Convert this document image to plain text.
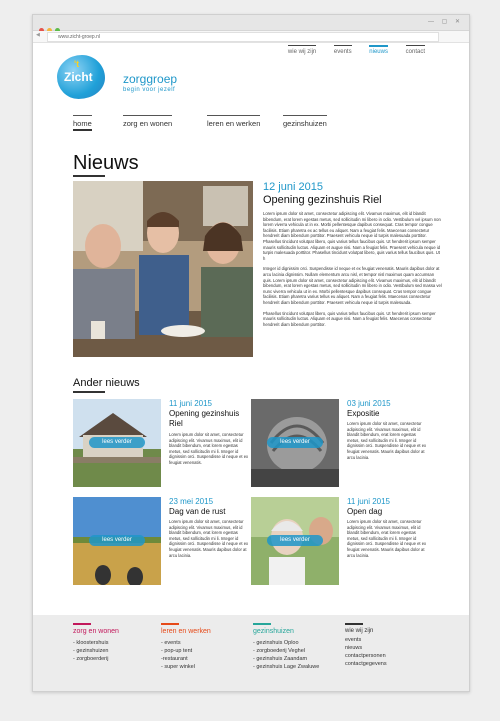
— ▢ ✕
◀	www.zicht-groep.nl
wie wij zijn	events	nieuws	contact
't
Zicht	zorggroep
begin voor jezelf
home	zorg en wonen	leren en werken	gezinshuizen
Nieuws
12 juni 2015
Opening gezinshuis Riel

Lorem ipsum dolor sit amet, consectetur adipiscing elit. Vivamus maximus, elit id blandit bibendum, erat lorem egestas metus, sed sollicitudin mi libero in odio. Vestibulum vel ipsum non lorem viverra vehicula ut in ex. Morbi pellentesque dapibus consequat. Cras tempor congue facilisis. Etiam pharetra ex ac tellus eu aliquet. Nam a feugiat felis. Maecenas consectetur hendrerit diam bibendum porttitor. Praesent vehicula neque id turpis malesuada porttitor. Phasellus tincidunt volutpat libero, quis varius tellus faucibus quis. Ut hendrerit ipsum semper mauris sollicitudin luctus. Aliquam et augue nisi. Nam a feugiat felis. Praesent vehicula neque id turpis malesuada porttitor. Phasellus tincidunt volutpat libero, quis varius tellus faucibus quis. Ut h

Integer id dignissim orci. Suspendisse id neque et ex feugiat venenatis. Mauris dapibus dolor at arcu lacinia dignissim. Nullam elementum arcu nisl, et tempor nisl maximus quam accumsan quis. Lorem ipsum dolor sit amet, consectetur adipiscing elit. Vivamus maximus, elit id blandit bibendum, erat lorem egestas metus, sed sollicitudin mi libero in odio. Vestibulum sed massa vel nunc viverra vehicula ut in ex. Morbi pellentesque dapibus consequat. Cras tempor congue facilisis. Etiam pharetra varius tellus eu aliquet. Nam a feugiat felis. Maecenas consectetur hendrerit diam bibendum porttitor. Praesent vehicula neque id turpis malesuada.

Phasellus tincidunt volutpat libero, quis varius tellus faucibus quis. Ut hendrerit ipsum semper mauris sollicitudin luctus. Aliquam et augue nisi. Nam a feugiat felis. Maecenas consectetur hendrerit diam bibendum porttitor.

Ander nieuws
lees verder
11 juni 2015
Opening gezinshuis Riel
Lorem ipsum dolor sit amet, consectetur adipiscing elit. Vivamus maximus, elit id blandit bibendum, erat lorem egestas metus, sed sollicitudin mi li. Integer id dignissim orci. Suspendisse id neque et ex feugiat venenatis.
lees verder
03 juni 2015
Expositie
Lorem ipsum dolor sit amet, consectetur adipiscing elit. Vivamus maximus, elit id blandit bibendum, erat lorem egestas metus, sed sollicitudin mi li. Integer id dignissim orci. Suspendisse id neque et ex feugiat venenatis. Mauris dapibus dolor at arcu lacinia.
lees verder
23 mei 2015
Dag van de rust
Lorem ipsum dolor sit amet, consectetur adipiscing elit. Vivamus maximus, elit id blandit bibendum, erat lorem egestas metus, sed sollicitudin mi li. Integer id dignissim orci. Suspendisse id neque et ex feugiat venenatis. Mauris dapibus dolor at arcu lacinia.
lees verder
11 juni 2015
Open dag
Lorem ipsum dolor sit amet, consectetur adipiscing elit. Vivamus maximus, elit id blandit bibendum, erat lorem egestas metus, sed sollicitudin mi li. Integer id dignissim orci. Suspendisse id neque et ex feugiat venenatis. Mauris dapibus dolor at arcu lacinia.
zorg en wonen
- kloostershuis
- gezinshuizen
- zorgboerderij
leren en werken
- events
- pop-up tent
-restaurant
- super winkel
gezinshuizen
- gezinshuis Oploo
- zorgboederij Veghel
- gezinshuis Zaandam
- gezinshuis Lage Zwaluwe
wie wij zijn
events
nieuws
contactpersonen
contactgegevens
